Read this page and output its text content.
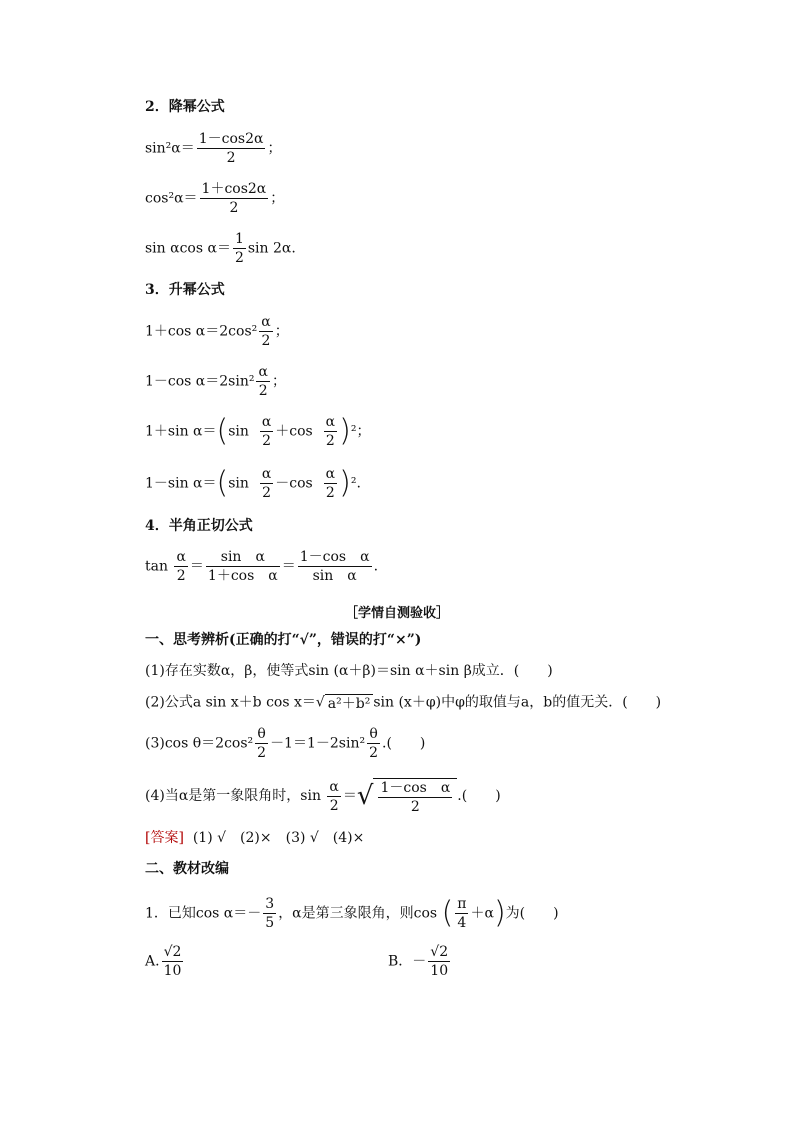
2．降幂公式
$\sin^2\alpha= \frac{1-\cos 2\alpha}{2}$ ；
$\cos^2\alpha= \frac{1+\cos 2\alpha}{2}$ ；
sin αcos $\alpha= \frac{1}{2}$ sin 2α.
3．升幂公式
1＋cos $\alpha=2\cos^2 \frac{\alpha}{2}$ ；
1－cos $\alpha=2\sin^2 \frac{\alpha}{2}$ ；
1＋sin $\alpha=(\sin \frac{\alpha}{2} +\cos \frac{\alpha}{2} )^2$；
1－sin $\alpha=(\sin \frac{\alpha}{2} -\cos \frac{\alpha}{2} )^2$.
4．半角正切公式
$\tan \frac{\alpha}{2} = \frac{\text{sin　α}}{\text{1＋cos　α}} = \frac{\text{1－cos　α}}{\text{sin　α}}$ .
［学情自测验收］
一、思考辨析(正确的打“√”，错误的打“×”)
(1)存在实数α，β，使等式sin (α＋β)＝sin α＋sin β成立．(　　)
(2)公式a sin x＋b cos x＝√ a²＋b² sin (x＋φ)中φ的取值与a，b的值无关．(　　)
(3)cos $\theta=2\cos^2 \frac{\theta}{2} -1=1-2\sin^2 \frac{\theta}{2}$ .(　　)
(4)当α是第一象限角时，$\sin \frac{\alpha}{2}$ ＝√ $\frac{\text{1－cos　α}}{2}$ .(　　)
[答案] (1) √　(2)×　(3) √　(4)×
二、教材改编
1．已知$\cos \alpha=- \frac{3}{5}$ ，α是第三象限角，则cos ( $\frac{\pi}{4} +\alpha$)为(　　)
A. $\frac{√2}{10}$	B．－ $\frac{√2}{10}$
